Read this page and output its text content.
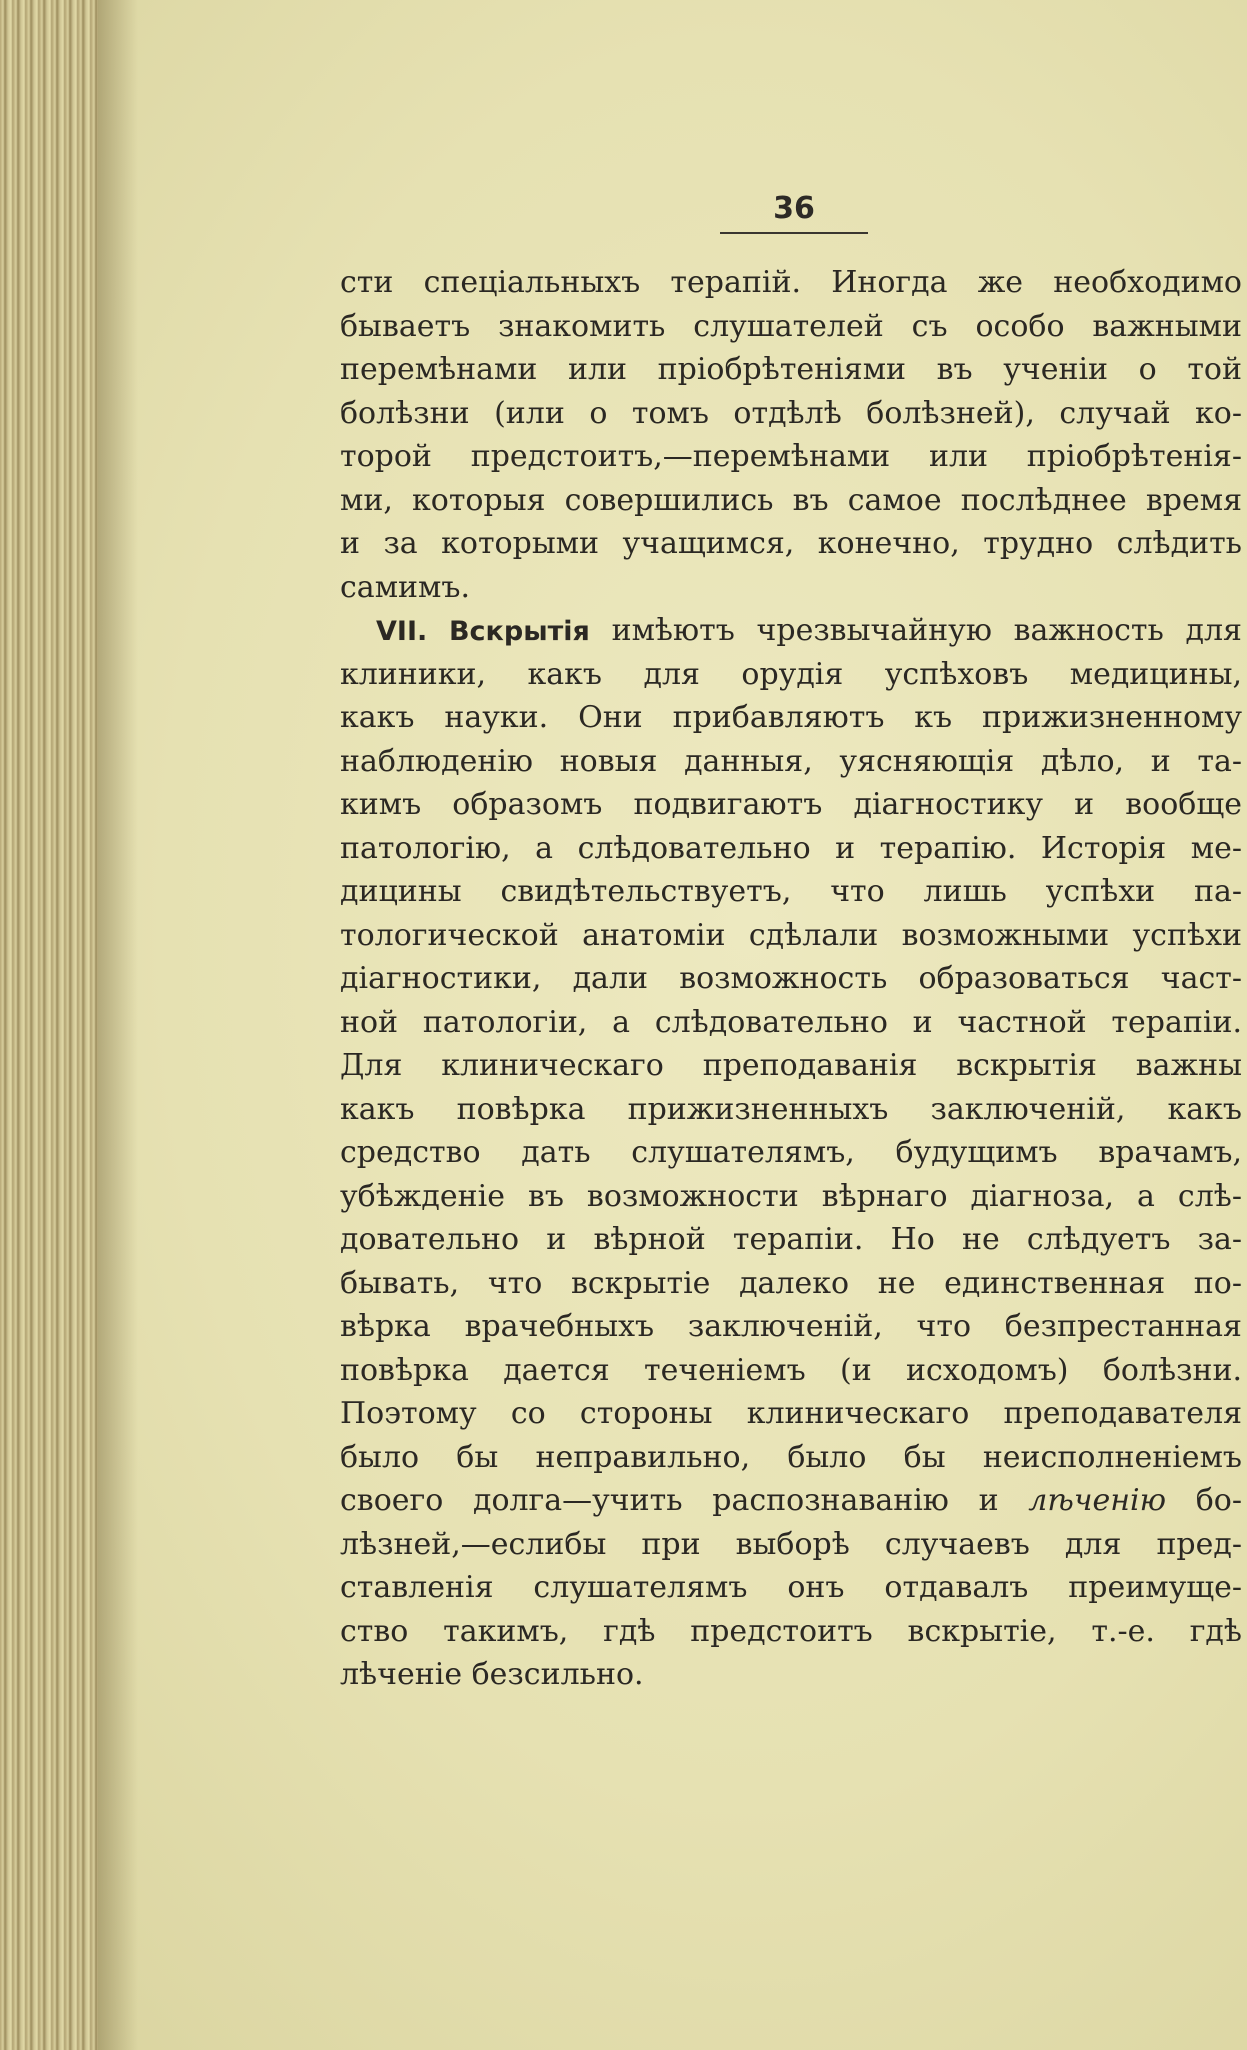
36
сти спеціальныхъ терапій. Иногда же необходимо
бываетъ знакомить слушателей съ особо важными
перемѣнами или пріобрѣтеніями въ ученіи о той
болѣзни (или о томъ отдѣлѣ болѣзней), случай ко-
торой предстоитъ,—перемѣнами или пріобрѣтенія-
ми, которыя совершились въ самое послѣднее время
и за которыми учащимся, конечно, трудно слѣдить
самимъ.
VII. Вскрытія имѣютъ чрезвычайную важность для
клиники, какъ для орудія успѣховъ медицины,
какъ науки. Они прибавляютъ къ прижизненному
наблюденію новыя данныя, уясняющія дѣло, и та-
кимъ образомъ подвигаютъ діагностику и вообще
патологію, а слѣдовательно и терапію. Исторія ме-
дицины свидѣтельствуетъ, что лишь успѣхи па-
тологической анатоміи сдѣлали возможными успѣхи
діагностики, дали возможность образоваться част-
ной патологіи, а слѣдовательно и частной терапіи.
Для клиническаго преподаванія вскрытія важны
какъ повѣрка прижизненныхъ заключеній, какъ
средство дать слушателямъ, будущимъ врачамъ,
убѣжденіе въ возможности вѣрнаго діагноза, а слѣ-
довательно и вѣрной терапіи. Но не слѣдуетъ за-
бывать, что вскрытіе далеко не единственная по-
вѣрка врачебныхъ заключеній, что безпрестанная
повѣрка дается теченіемъ (и исходомъ) болѣзни.
Поэтому со стороны клиническаго преподавателя
было бы неправильно, было бы неисполненіемъ
своего долга—учить распознаванію и лѣченію бо-
лѣзней,—еслибы при выборѣ случаевъ для пред-
ставленія слушателямъ онъ отдавалъ преимуще-
ство такимъ, гдѣ предстоитъ вскрытіе, т.-е. гдѣ
лѣченіе безсильно.
